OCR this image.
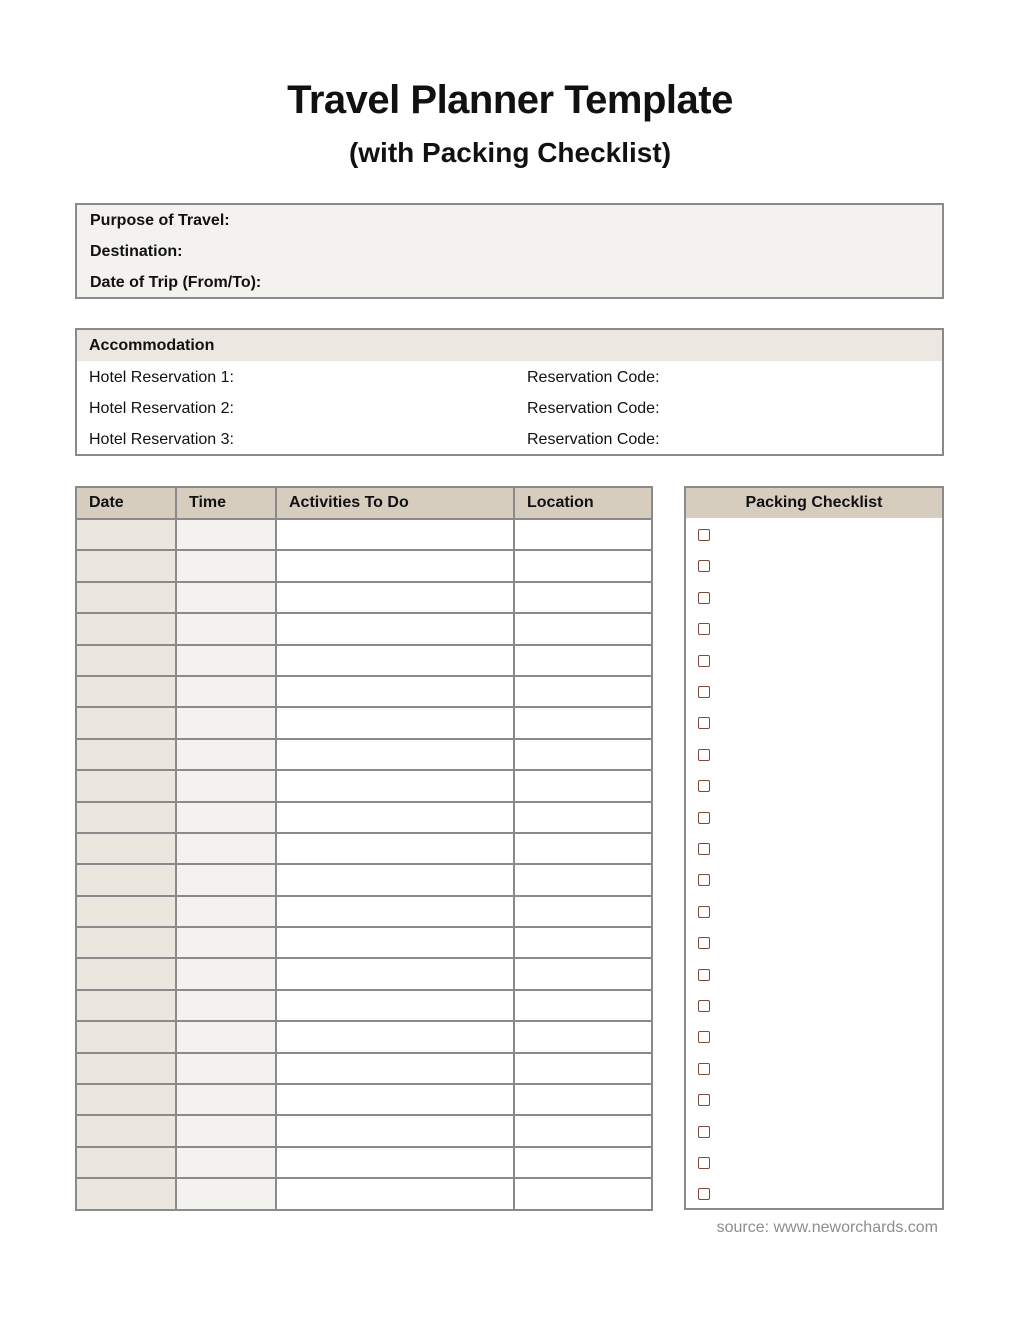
Travel Planner Template
(with Packing Checklist)
Purpose of Travel:
Destination:
Date of Trip (From/To):
Accommodation
Hotel Reservation 1:	Reservation Code:
Hotel Reservation 2:	Reservation Code:
Hotel Reservation 3:	Reservation Code:
Date	Time	Activities To Do	Location

				Packing Checklist
source: www.neworchards.com
